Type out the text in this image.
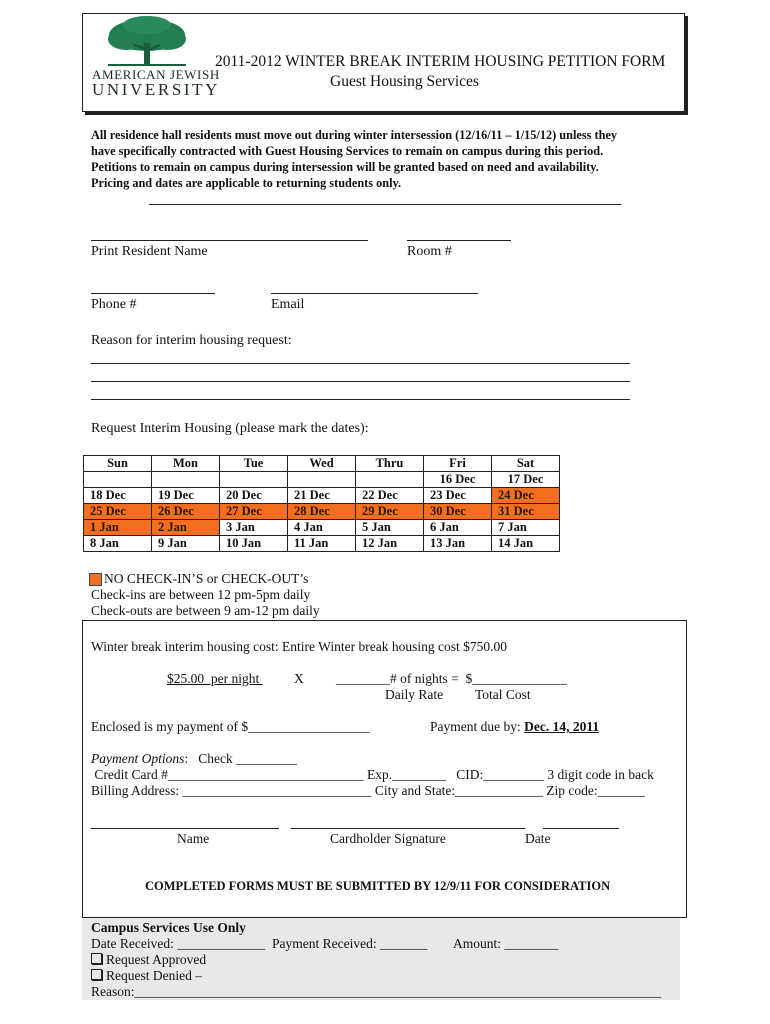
AMERICAN JEWISH
UNIVERSITY
2011-2012 WINTER BREAK INTERIM HOUSING PETITION FORM
Guest Housing Services
All residence hall residents must move out during winter intersession (12/16/11 – 1/15/12) unless they
have specifically contracted with Guest Housing Services to remain on campus during this period.
Petitions to remain on campus during intersession will be granted based on need and availability.
Pricing and dates are applicable to returning students only.
Print Resident Name	Room #
Phone #	Email
Reason for interim housing request:
Request Interim Housing (please mark the dates):
Sun	Mon	Tue	Wed	Thru	Fri	Sat
					16 Dec	17 Dec
18 Dec	19 Dec	20 Dec	21 Dec	22 Dec	23 Dec	24 Dec
25 Dec	26 Dec	27 Dec	28 Dec	29 Dec	30 Dec	31 Dec
1 Jan	2 Jan	3 Jan	4 Jan	5 Jan	6 Jan	7 Jan
8 Jan	9 Jan	10 Jan	11 Jan	12 Jan	13 Jan	14 Jan
NO CHECK-IN’S or CHECK-OUT’s
Check-ins are between 12 pm-5pm daily
Check-outs are between 9 am-12 pm daily
Winter break interim housing cost: Entire Winter break housing cost $750.00
$25.00  per night X ________# of nights =  $______________
Daily Rate Total Cost
Enclosed is my payment of $__________________	Payment due by: Dec. 14, 2011
Payment Options:   Check _________
Credit Card #_____________________________ Exp.________   CID:_________ 3 digit code in back
Billing Address: ____________________________ City and State:_____________ Zip code:_______
Name	Cardholder Signature	Date
COMPLETED FORMS MUST BE SUBMITTED BY 12/9/11 FOR CONSIDERATION
Campus Services Use Only
Date Received: _____________ Payment Received: _______ Amount: ________
Request Approved
Request Denied –
Reason:______________________________________________________________________________
